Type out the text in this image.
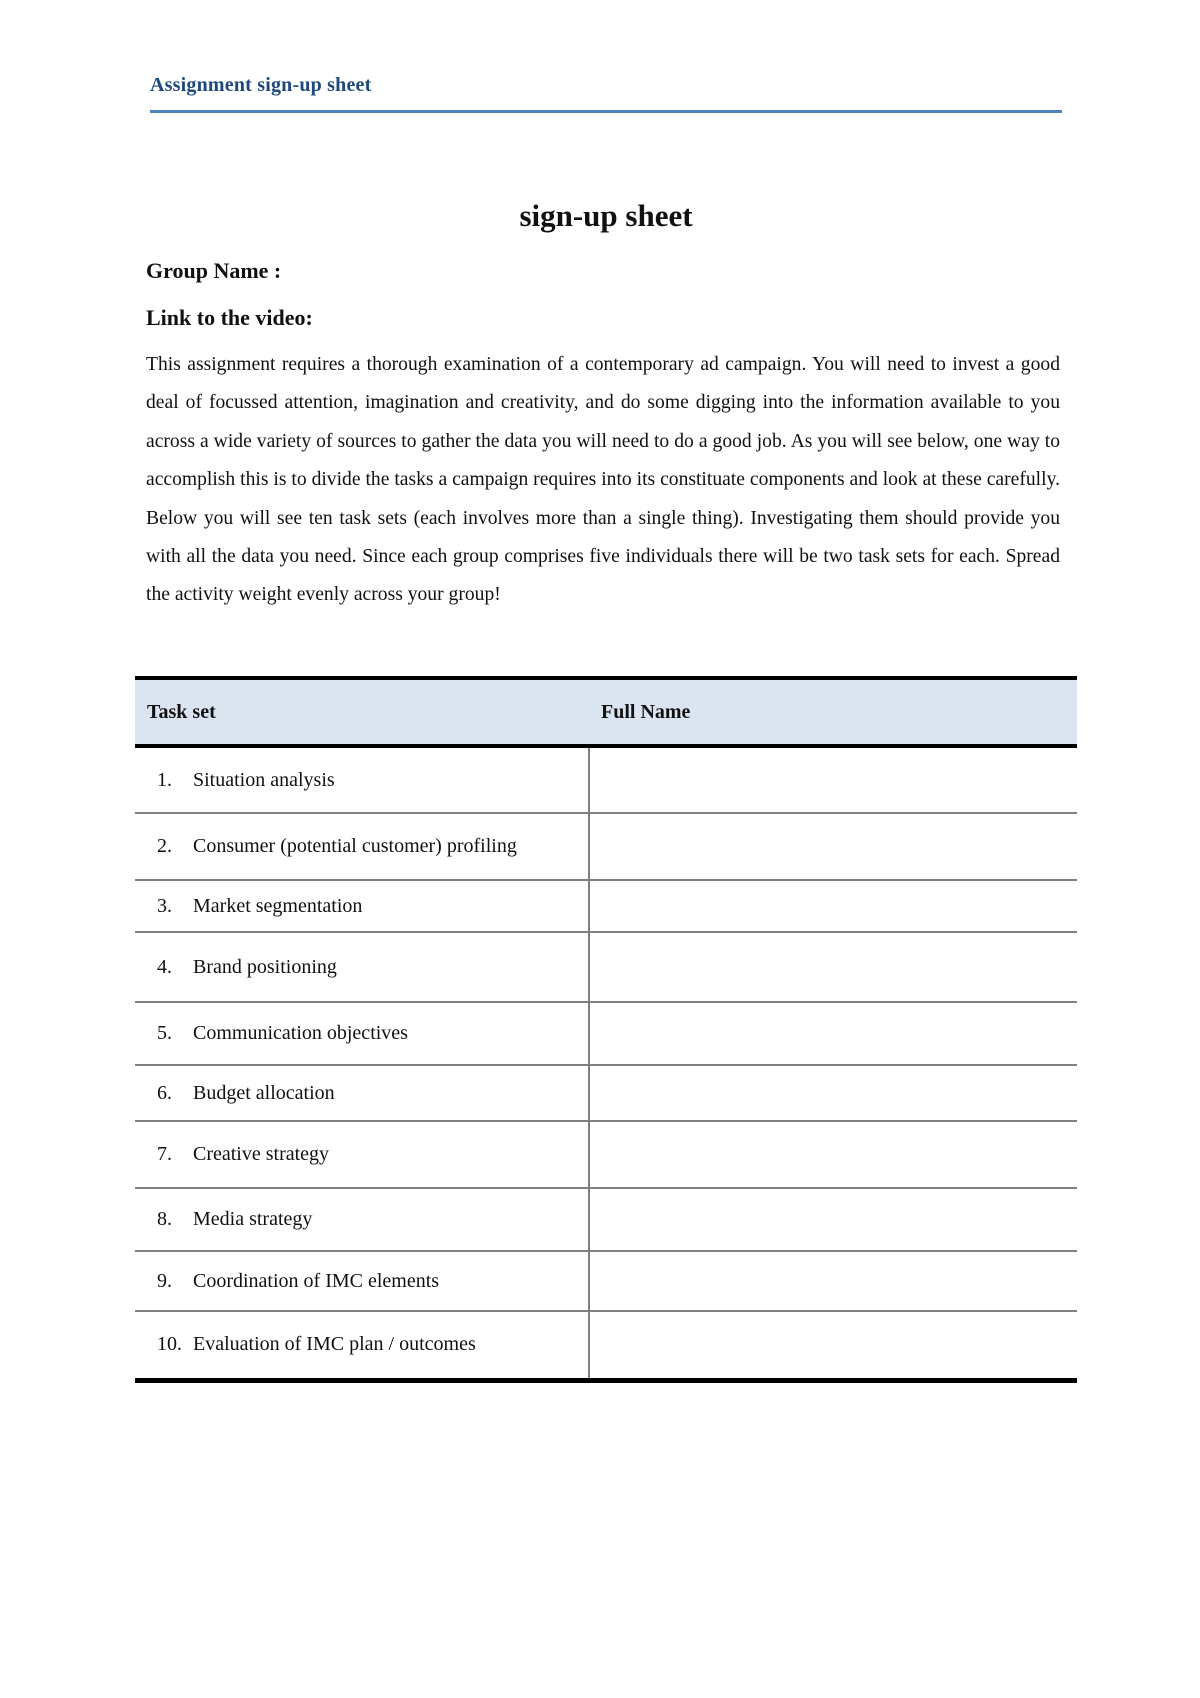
Assignment sign-up sheet
sign-up sheet
Group Name :
Link to the video:

This assignment requires a thorough examination of a contemporary ad campaign. You will need to invest a good deal of focussed attention, imagination and creativity, and do some digging into the information available to you across a wide variety of sources to gather the data you will need to do a good job. As you will see below, one way to accomplish this is to divide the tasks a campaign requires into its constituate components and look at these carefully. Below you will see ten task sets (each involves more than a single thing). Investigating them should provide you with all the data you need. Since each group comprises five individuals there will be two task sets for each. Spread the activity weight evenly across your group!

Task set	Full Name
1. Situation analysis	
2. Consumer (potential customer) profiling	
3. Market segmentation	
4. Brand positioning	
5. Communication objectives	
6. Budget allocation	
7. Creative strategy	
8. Media strategy	
9. Coordination of IMC elements	
10. Evaluation of IMC plan / outcomes	
